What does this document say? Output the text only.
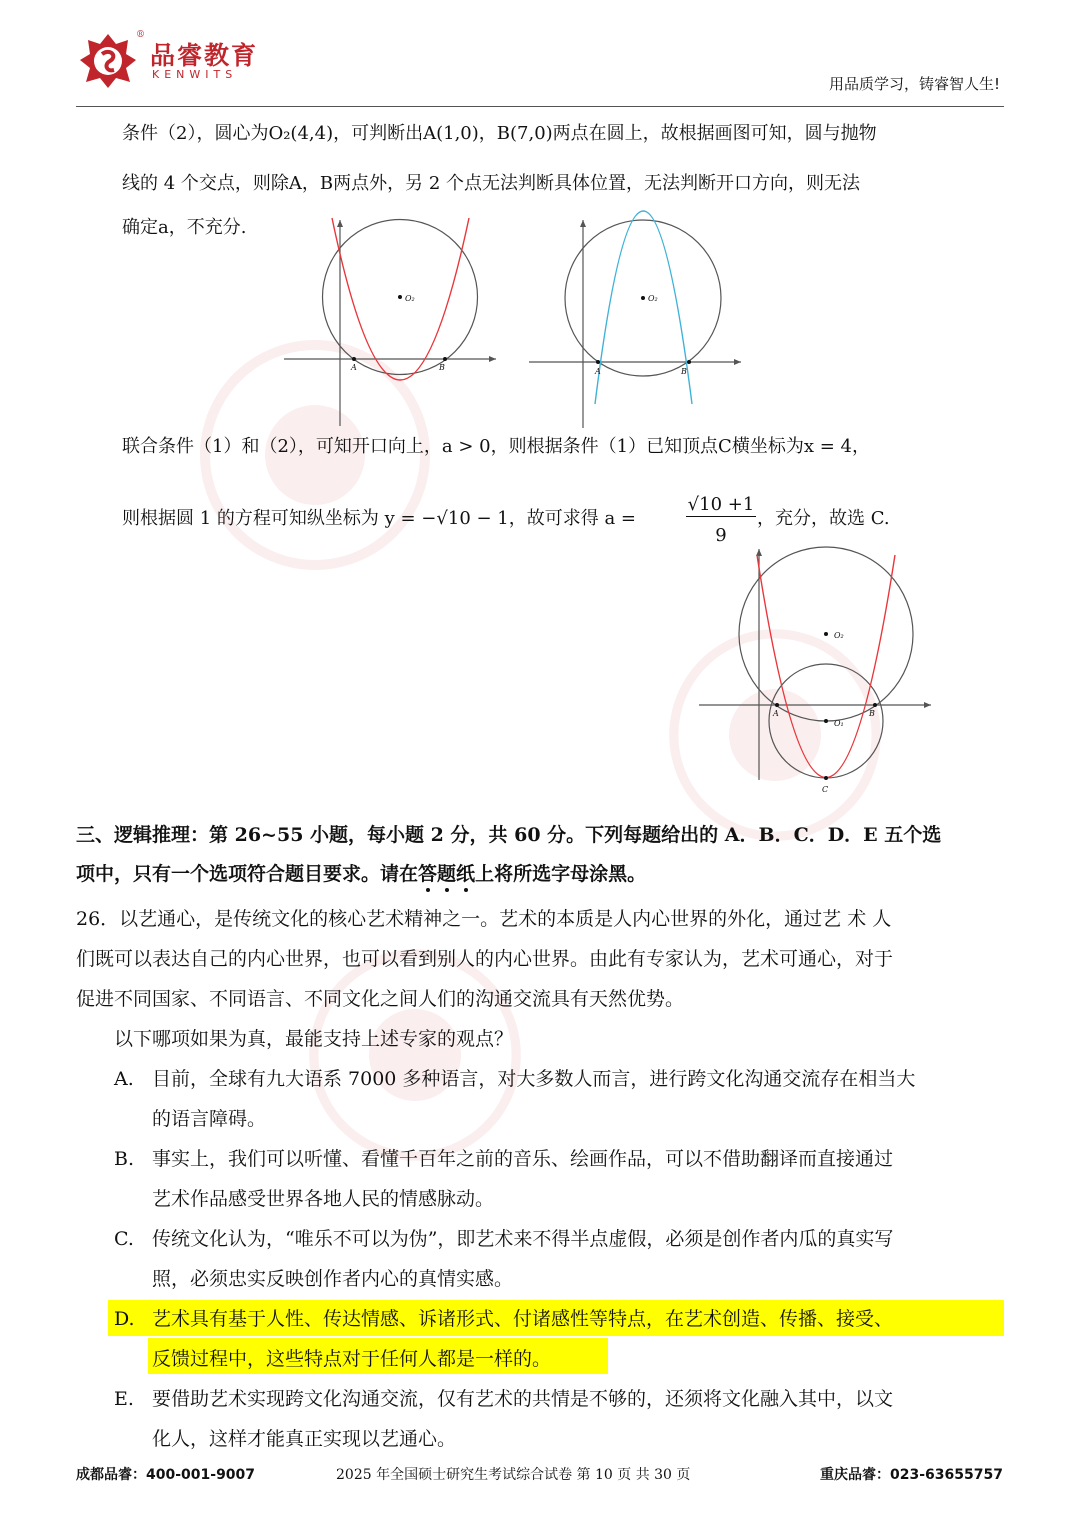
®
品睿教育
KENWITS
用品质学习，铸睿智人生!
条件（2），圆心为O₂(4,4)，可判断出A(1,0)，B(7,0)两点在圆上，故根据画图可知，圆与抛物
线的 4 个交点，则除A，B两点外，另 2 个点无法判断具体位置，无法判断开口方向，则无法
确定a，不充分.
O₂
A	B
O₂
A	B
联合条件（1）和（2），可知开口向上，a > 0，则根据条件（1）已知顶点C横坐标为x = 4，
则根据圆 1 的方程可知纵坐标为 y = −√10 − 1，故可求得 a =
√10 +1
9
，充分，故选 C.
O₂
O₁
A	B
C
三、逻辑推理：第 26~55 小题，每小题 2 分，共 60 分。下列每题给出的 A．B．C．D．E 五个选
项中，只有一个选项符合题目要求。请在答题纸上将所选字母涂黑。
26．以艺通心，是传统文化的核心艺术精神之一。艺术的本质是人内心世界的外化，通过艺 术 人
们既可以表达自己的内心世界，也可以看到别人的内心世界。由此有专家认为，艺术可通心，对于
促进不同国家、不同语言、不同文化之间人们的沟通交流具有天然优势。
以下哪项如果为真，最能支持上述专家的观点？
A. 目前，全球有九大语系 7000 多种语言，对大多数人而言，进行跨文化沟通交流存在相当大
的语言障碍。
B. 事实上，我们可以听懂、看懂千百年之前的音乐、绘画作品，可以不借助翻译而直接通过
艺术作品感受世界各地人民的情感脉动。
C. 传统文化认为，“唯乐不可以为伪”，即艺术来不得半点虚假，必须是创作者内瓜的真实写
照，必须忠实反映创作者内心的真情实感。
D. 艺术具有基于人性、传达情感、诉诸形式、付诸感性等特点，在艺术创造、传播、接受、
反馈过程中，这些特点对于任何人都是一样的。
E. 要借助艺术实现跨文化沟通交流，仅有艺术的共情是不够的，还须将文化融入其中，以文
化人，这样才能真正实现以艺通心。
成都品睿：400-001-9007	2025 年全国硕士研究生考试综合试卷 第 10 页 共 30 页	重庆品睿：023-63655757
